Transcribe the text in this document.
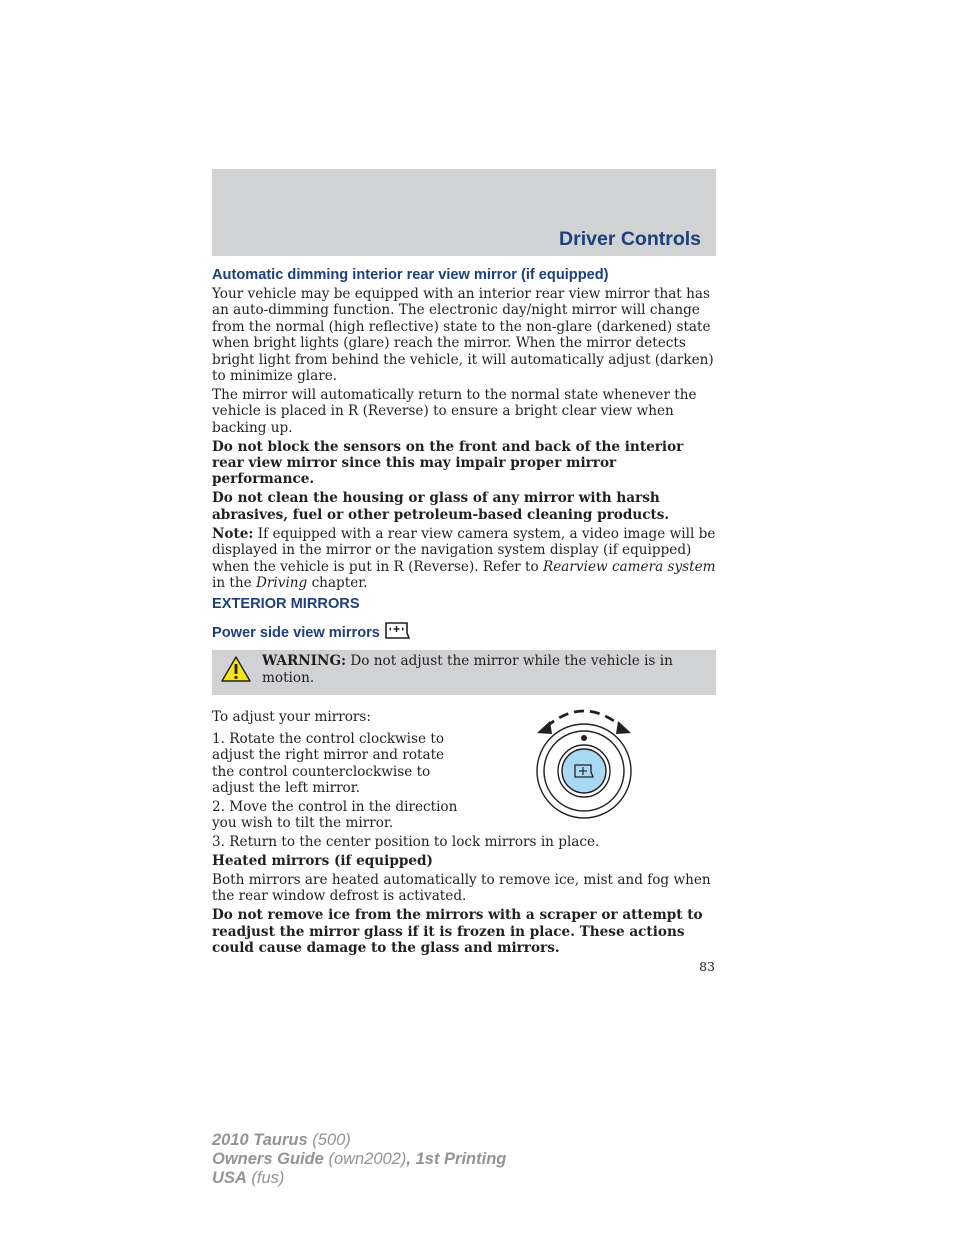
Driver Controls
Automatic dimming interior rear view mirror (if equipped)

Your vehicle may be equipped with an interior rear view mirror that has an auto-dimming function. The electronic day/night mirror will change from the normal (high reflective) state to the non-glare (darkened) state when bright lights (glare) reach the mirror. When the mirror detects bright light from behind the vehicle, it will automatically adjust (darken) to minimize glare.

The mirror will automatically return to the normal state whenever the vehicle is placed in R (Reverse) to ensure a bright clear view when backing up.

Do not block the sensors on the front and back of the interior rear view mirror since this may impair proper mirror performance.

Do not clean the housing or glass of any mirror with harsh abrasives, fuel or other petroleum-based cleaning products.

Note: If equipped with a rear view camera system, a video image will be displayed in the mirror or the navigation system display (if equipped) when the vehicle is put in R (Reverse). Refer to Rearview camera system in the Driving chapter.

EXTERIOR MIRRORS
Power side view mirrors
WARNING: Do not adjust the mirror while the vehicle is in motion.

To adjust your mirrors:

1. Rotate the control clockwise to adjust the right mirror and rotate the control counterclockwise to adjust the left mirror.

2. Move the control in the direction you wish to tilt the mirror.

3. Return to the center position to lock mirrors in place.

Heated mirrors (if equipped)

Both mirrors are heated automatically to remove ice, mist and fog when the rear window defrost is activated.

Do not remove ice from the mirrors with a scraper or attempt to readjust the mirror glass if it is frozen in place. These actions could cause damage to the glass and mirrors.

83
2010 Taurus (500)
Owners Guide (own2002), 1st Printing
USA (fus)
